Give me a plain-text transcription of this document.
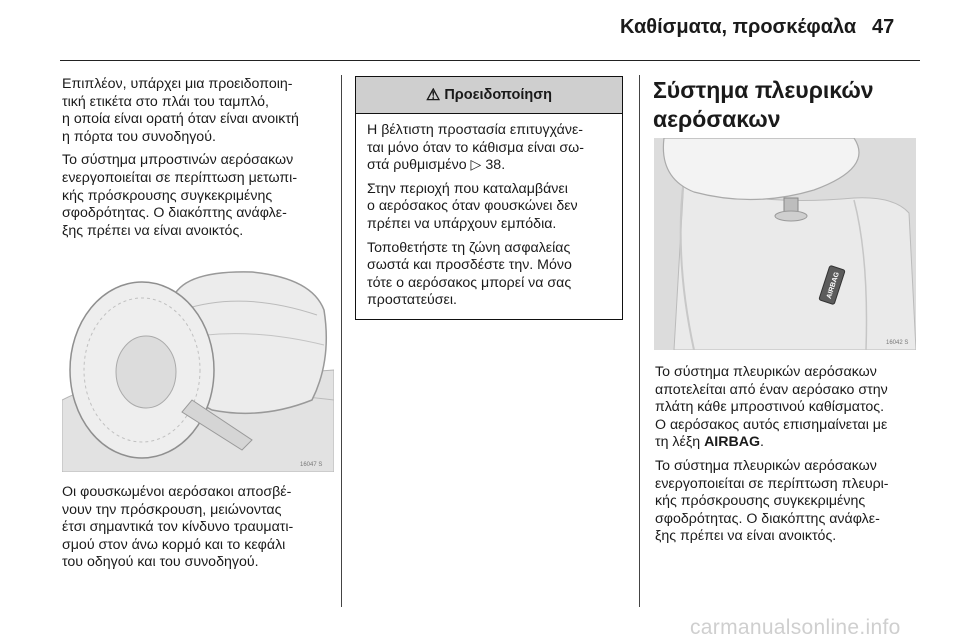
Καθίσματα, προσκέφαλα 47

Επιπλέον, υπάρχει μια προειδοποιη-
τική ετικέτα στο πλάι του ταμπλό,
η οποία είναι ορατή όταν είναι ανοικτή
η πόρτα του συνοδηγού.

Το σύστημα μπροστινών αερόσακων
ενεργοποιείται σε περίπτωση μετωπι-
κής πρόσκρουσης συγκεκριμένης
σφοδρότητας. Ο διακόπτης ανάφλε-
ξης πρέπει να είναι ανοικτός.

16047 S

Οι φουσκωμένοι αερόσακοι αποσβέ-
νουν την πρόσκρουση, μειώνοντας
έτσι σημαντικά τον κίνδυνο τραυματι-
σμού στον άνω κορμό και το κεφάλι
του οδηγού και του συνοδηγού.

⚠ Προειδοποίηση

Η βέλτιστη προστασία επιτυγχάνε-
ται μόνο όταν το κάθισμα είναι σω-
στά ρυθμισμένο ▷ 38.

Στην περιοχή που καταλαμβάνει
ο αερόσακος όταν φουσκώνει δεν
πρέπει να υπάρχουν εμπόδια.

Τοποθετήστε τη ζώνη ασφαλείας
σωστά και προσδέστε την. Μόνο
τότε ο αερόσακος μπορεί να σας
προστατεύσει.

Σύστημα πλευρικών
αερόσακων
AIRBAG
16042 S

Το σύστημα πλευρικών αερόσακων
αποτελείται από έναν αερόσακο στην
πλάτη κάθε μπροστινού καθίσματος.
Ο αερόσακος αυτός επισημαίνεται με
τη λέξη AIRBAG.

Το σύστημα πλευρικών αερόσακων
ενεργοποιείται σε περίπτωση πλευρι-
κής πρόσκρουσης συγκεκριμένης
σφοδρότητας. Ο διακόπτης ανάφλε-
ξης πρέπει να είναι ανοικτός.

carmanualsonline.info
